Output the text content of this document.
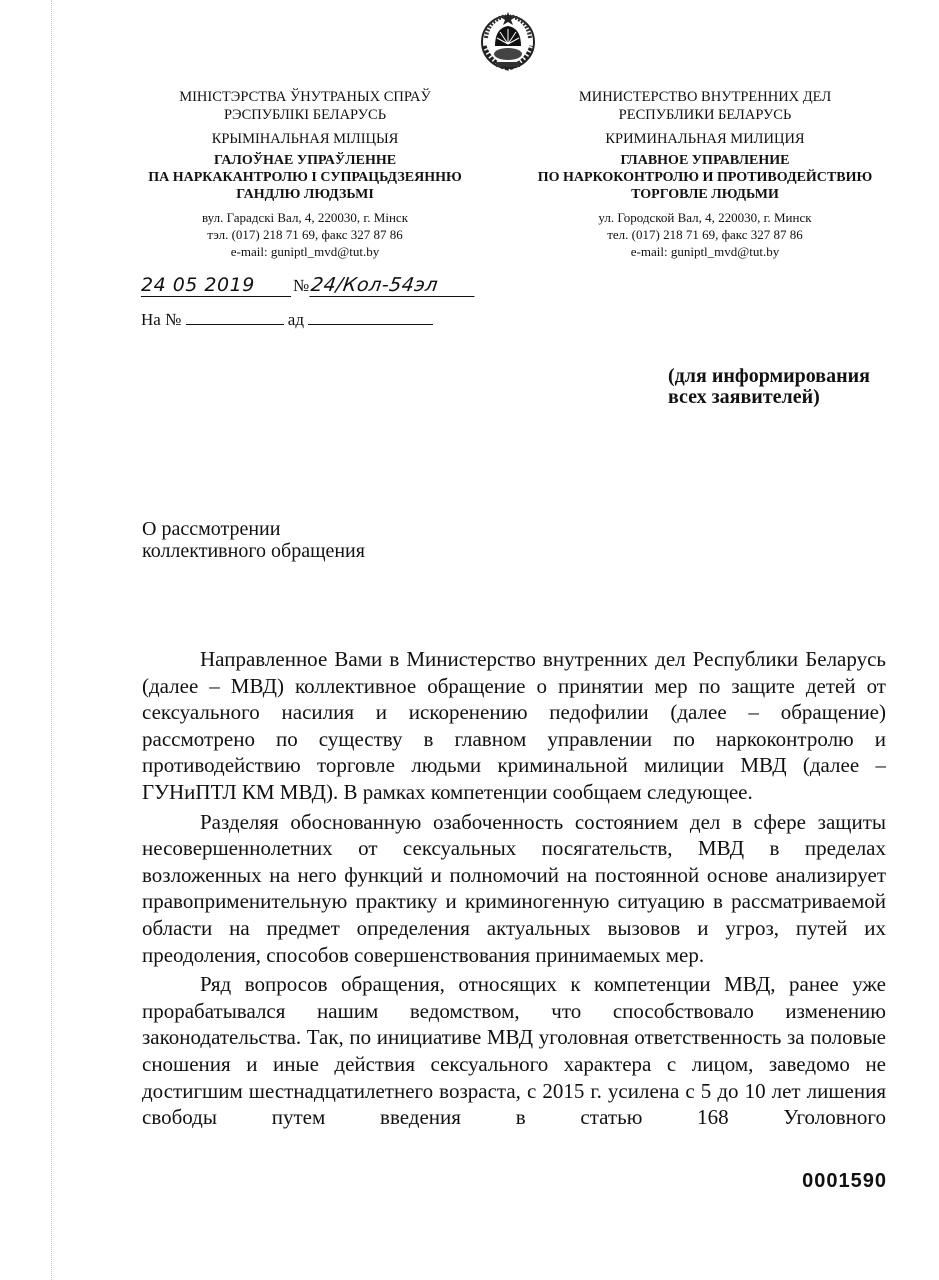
МІНІСТЭРСТВА ЎНУТРАНЫХ СПРАЎ
РЭСПУБЛІКІ БЕЛАРУСЬ
КРЫМІНАЛЬНАЯ МІЛІЦЫЯ
ГАЛОЎНАЕ УПРАЎЛЕННЕ
ПА НАРКАКАНТРОЛЮ І СУПРАЦЬДЗЕЯННЮ
ГАНДЛЮ ЛЮДЗЬМІ
вул. Гарадскі Вал, 4, 220030, г. Мінск
тэл. (017) 218 71 69, факс 327 87 86
e-mail: guniptl_mvd@tut.by
МИНИСТЕРСТВО ВНУТРЕННИХ ДЕЛ
РЕСПУБЛИКИ БЕЛАРУСЬ
КРИМИНАЛЬНАЯ МИЛИЦИЯ
ГЛАВНОЕ УПРАВЛЕНИЕ
ПО НАРКОКОНТРОЛЮ И ПРОТИВОДЕЙСТВИЮ
ТОРГОВЛЕ ЛЮДЬМИ
ул. Городской Вал, 4, 220030, г. Минск
тел. (017) 218 71 69, факс 327 87 86
e-mail: guniptl_mvd@tut.by
24 05 2019 №24/Кол-54эл
На №	ад
(для информирования
всех заявителей)
О рассмотрении
коллективного обращения

Направленное Вами в Министерство внутренних дел Республики Беларусь (далее – МВД) коллективное обращение о принятии мер по защите детей от сексуального насилия и искоренению педофилии (далее – обращение) рассмотрено по существу в главном управлении по наркоконтролю и противодействию торговле людьми криминальной милиции МВД (далее – ГУНиПТЛ КМ МВД). В рамках компетенции сообщаем следующее.

Разделяя обоснованную озабоченность состоянием дел в сфере защиты несовершеннолетних от сексуальных посягательств, МВД в пределах возложенных на него функций и полномочий на постоянной основе анализирует правоприменительную практику и криминогенную ситуацию в рассматриваемой области на предмет определения актуальных вызовов и угроз, путей их преодоления, способов совершенствования принимаемых мер.

Ряд вопросов обращения, относящих к компетенции МВД, ранее уже прорабатывался нашим ведомством, что способствовало изменению законодательства. Так, по инициативе МВД уголовная ответственность за половые сношения и иные действия сексуального характера с лицом, заведомо не достигшим шестнадцатилетнего возраста, с 2015 г. усилена с 5 до 10 лет лишения свободы путем введения в статью 168 Уголовного

0001590
